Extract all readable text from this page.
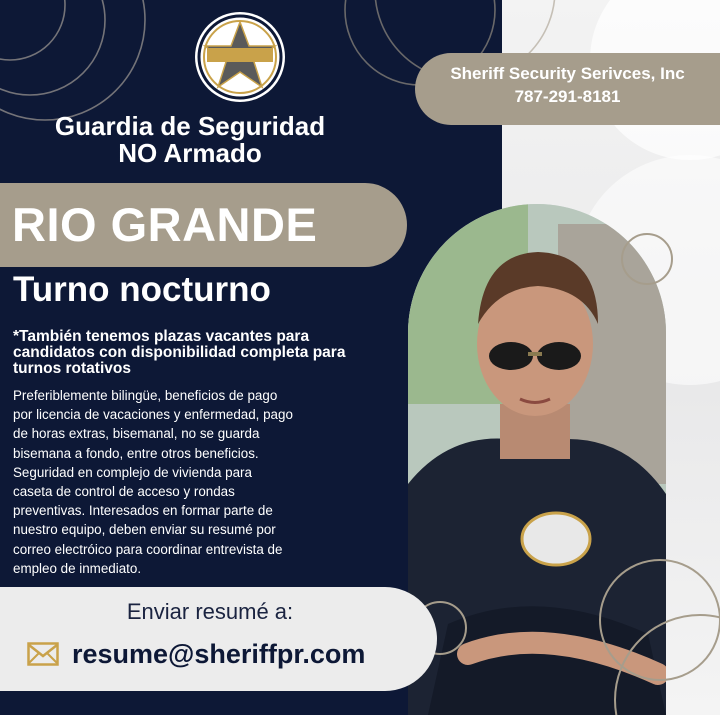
Guardia de Seguridad
NO Armado
Sheriff Security Serivces, Inc
787-291-8181
RIO GRANDE
Turno nocturno
*También tenemos plazas vacantes para candidatos con disponibilidad completa para turnos rotativos
Preferiblemente bilingüe, beneficios de pago
por licencia de vacaciones y enfermedad, pago
de horas extras, bisemanal, no se guarda
bisemana a fondo, entre otros beneficios.
Seguridad en complejo de vivienda para
caseta de control de acceso y rondas
preventivas. Interesados en formar parte de
nuestro equipo, deben enviar su resumé por
correo electróico para coordinar entrevista de
empleo de inmediato.
Enviar resumé a:
resume@sheriffpr.com
